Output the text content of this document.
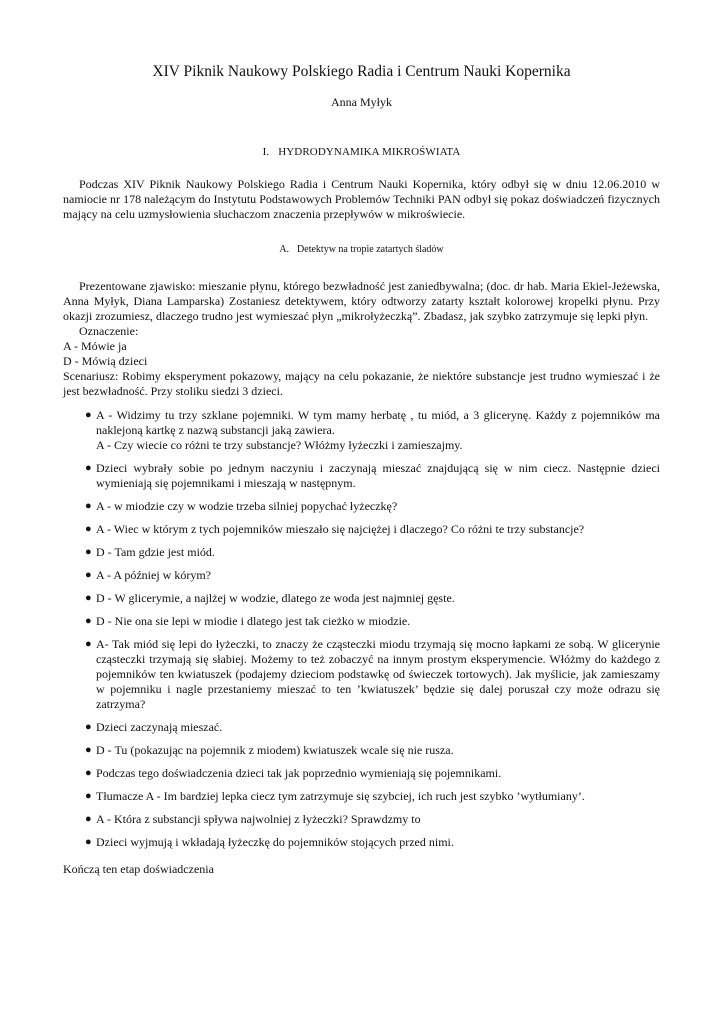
XIV Piknik Naukowy Polskiego Radia i Centrum Nauki Kopernika
Anna Myłyk
I. HYDRODYNAMIKA MIKROŚWIATA

Podczas XIV Piknik Naukowy Polskiego Radia i Centrum Nauki Kopernika, który odbył się w dniu 12.06.2010 w namiocie nr 178 należącym do Instytutu Podstawowych Problemów Techniki PAN odbył się pokaz doświadczeń fizycznych mający na celu uzmysłowienia słuchaczom znaczenia przepływów w mikroświecie.

A. Detektyw na tropie zatartych śladów

Prezentowane zjawisko: mieszanie płynu, którego bezwładność jest zaniedbywalna; (doc. dr hab. Maria Ekiel-Jeżewska, Anna Myłyk, Diana Lamparska) Zostaniesz detektywem, który odtworzy zatarty kształt kolorowej kropelki płynu. Przy okazji zrozumiesz, dlaczego trudno jest wymieszać płyn „mikrołyżeczką”. Zbadasz, jak szybko zatrzymuje się lepki płyn.

Oznaczenie:

A - Mówie ja

D - Mówią dzieci

Scenariusz: Robimy eksperyment pokazowy, mający na celu pokazanie, że niektóre substancje jest trudno wymieszać i że jest bezwładność. Przy stoliku siedzi 3 dzieci.

● A - Widzimy tu trzy szklane pojemniki. W tym mamy herbatę , tu miód, a 3 glicerynę. Każdy z pojemników ma naklejoną kartkę z nazwą substancji jaką zawiera.
A - Czy wiecie co różni te trzy substancje? Włóżmy łyżeczki i zamieszajmy.
● Dzieci wybrały sobie po jednym naczyniu i zaczynają mieszać znajdującą się w nim ciecz. Następnie dzieci wymieniają się pojemnikami i mieszają w następnym.
● A - w miodzie czy w wodzie trzeba silniej popychać łyżeczkę?
● A - Wiec w którym z tych pojemników mieszało się najciężej i dlaczego? Co różni te trzy substancje?
● D - Tam gdzie jest miód.
● A - A później w kórym?
● D - W glicerymie, a najlżej w wodzie, dlatego ze woda jest najmniej gęste.
● D - Nie ona sie lepi w miodie i dlatego jest tak cieżko w miodzie.
● A- Tak miód się lepi do łyżeczki, to znaczy że cząsteczki miodu trzymają się mocno łapkami ze sobą. W glicerynie cząsteczki trzymają się słabiej. Możemy to też zobaczyć na innym prostym eksperymencie. Włóżmy do każdego z pojemników ten kwiatuszek (podajemy dzieciom podstawkę od świeczek tortowych). Jak myślicie, jak zamieszamy w pojemniku i nagle przestaniemy mieszać to ten ’kwiatuszek’ będzie się dalej poruszał czy może odrazu się zatrzyma?
● Dzieci zaczynają mieszać.
● D - Tu (pokazując na pojemnik z miodem) kwiatuszek wcale się nie rusza.
● Podczas tego doświadczenia dzieci tak jak poprzednio wymieniają się pojemnikami.
● Tłumacze A - Im bardziej lepka ciecz tym zatrzymuje się szybciej, ich ruch jest szybko ’wytłumiany’.
● A - Która z substancji spływa najwolniej z łyżeczki? Sprawdzmy to
● Dzieci wyjmują i wkładają łyżeczkę do pojemników stojących przed nimi.

Kończą ten etap doświadczenia
